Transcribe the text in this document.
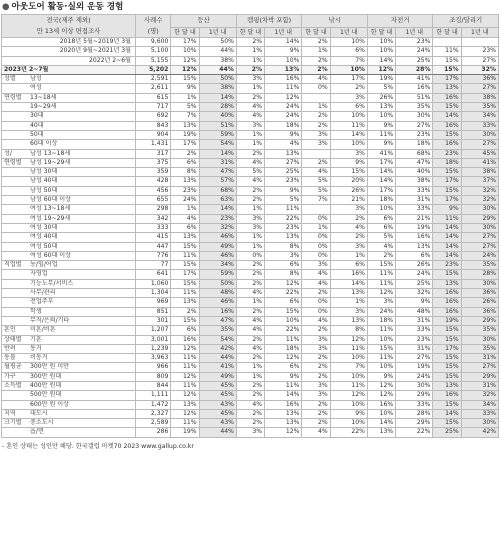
● 아웃도어 활동·실외 운동 경험
전국(제주 제외)
만 13세 이상 면접조사	사례수
(명)	등산		캠핑(차박 포함)		낚시		자전거		조깅/달리기	
		한 달 내	1년 내	한 달 내	1년 내	한 달 내	1년 내	한 달 내	1년 내	한 달 내	1년 내
2018년 5월~2019년 3월	9,600	17%	50%	2%	14%	2%	10%	10%	23%		
2020년 9월~2021년 3월	5,100	10%	44%	1%	9%	1%	6%	10%	24%	11%	23%
2022년 2~6월	5,155	12%	38%	1%	10%	2%	7%	14%	25%	15%	27%
2023년 2~7월	5,202	12%	44%	2%	13%	2%	10%	12%	28%	15%	32%
성별 남성	2,591	15%	50%	3%	16%	4%	17%	19%	41%	17%	36%
여성	2,611	9%	38%	1%	11%	0%	2%	5%	16%	13%	27%
연령별 13~18세	615	1%	14%	2%	12%		3%	26%	51%	16%	38%
19~29세	717	5%	28%	4%	24%	1%	6%	13%	35%	15%	35%
30대	692	7%	40%	4%	24%	2%	10%	10%	30%	14%	34%
40대	843	13%	51%	3%	18%	2%	11%	9%	27%	16%	33%
50대	904	19%	59%	1%	9%	3%	14%	11%	23%	15%	30%
60대 이상	1,431	17%	54%	1%	4%	3%	10%	9%	18%	16%	27%
성/ 남성 13~18세	317	2%	14%	2%	13%		3%	41%	68%	23%	45%
연령별 남성 19~29세	375	6%	31%	4%	27%	2%	9%	17%	47%	18%	41%
남성 30대	359	8%	47%	5%	25%	4%	15%	14%	40%	15%	38%
남성 40대	428	13%	57%	4%	23%	5%	20%	14%	38%	17%	37%
남성 50대	456	23%	68%	2%	9%	5%	26%	17%	33%	15%	32%
남성 60대 이상	655	24%	63%	2%	5%	7%	21%	18%	31%	17%	32%
여성 13~18세	298	1%	14%	1%	11%		3%	10%	33%	9%	30%
여성 19~29세	342	4%	23%	3%	22%	0%	2%	6%	21%	11%	29%
여성 30대	333	6%	32%	3%	23%	1%	4%	6%	19%	14%	30%
여성 40대	415	13%	46%	1%	13%	0%	2%	5%	16%	14%	27%
여성 50대	447	15%	49%	1%	8%	0%	3%	4%	13%	14%	27%
여성 60대 이상	776	11%	46%	0%	3%	0%	1%	2%	6%	14%	24%
직업별 농/임/어업	77	15%	34%	2%	6%	3%	6%	15%	26%	23%	35%
자영업	641	17%	59%	2%	8%	4%	16%	11%	24%	15%	28%
기능노무/서비스	1,060	15%	50%	2%	12%	4%	14%	11%	25%	13%	30%
사무/관리	1,304	11%	48%	4%	22%	2%	13%	12%	32%	16%	36%
전업주부	969	13%	46%	1%	6%	0%	1%	3%	9%	16%	26%
학생	851	2%	16%	2%	15%	0%	3%	24%	48%	16%	36%
무직/은퇴/기타	301	15%	47%	4%	10%	4%	13%	18%	31%	19%	29%
혼인 미혼/비혼	1,207	6%	35%	4%	22%	2%	8%	11%	33%	15%	35%
상태별 기혼	3,001	16%	54%	2%	11%	3%	12%	10%	23%	15%	30%
반려 동거	1,239	12%	42%	4%	18%	3%	11%	15%	31%	17%	35%
동물 비동거	3,963	11%	44%	2%	12%	2%	10%	11%	27%	15%	31%
월평균 300만 원 미만	966	11%	41%	1%	6%	2%	7%	10%	19%	15%	27%
가구 300만 원대	809	12%	49%	1%	9%	2%	10%	9%	24%	15%	29%
소득별 400만 원대	844	11%	45%	2%	11%	3%	11%	12%	30%	13%	31%
500만 원대	1,111	12%	45%	2%	14%	3%	12%	12%	29%	16%	32%
600만 원 이상	1,472	13%	43%	4%	16%	2%	10%	16%	33%	15%	34%
지역 대도시	2,327	12%	45%	2%	13%	2%	9%	10%	28%	14%	33%
크기별 중소도시	2,589	11%	43%	2%	13%	2%	10%	14%	29%	15%	30%
읍/면	286	19%	44%	3%	12%	4%	22%	13%	22%	25%	42%
- 혼인 상태는 성인만 해당. 한국갤럽 마켓70 2023 www.gallup.co.kr
